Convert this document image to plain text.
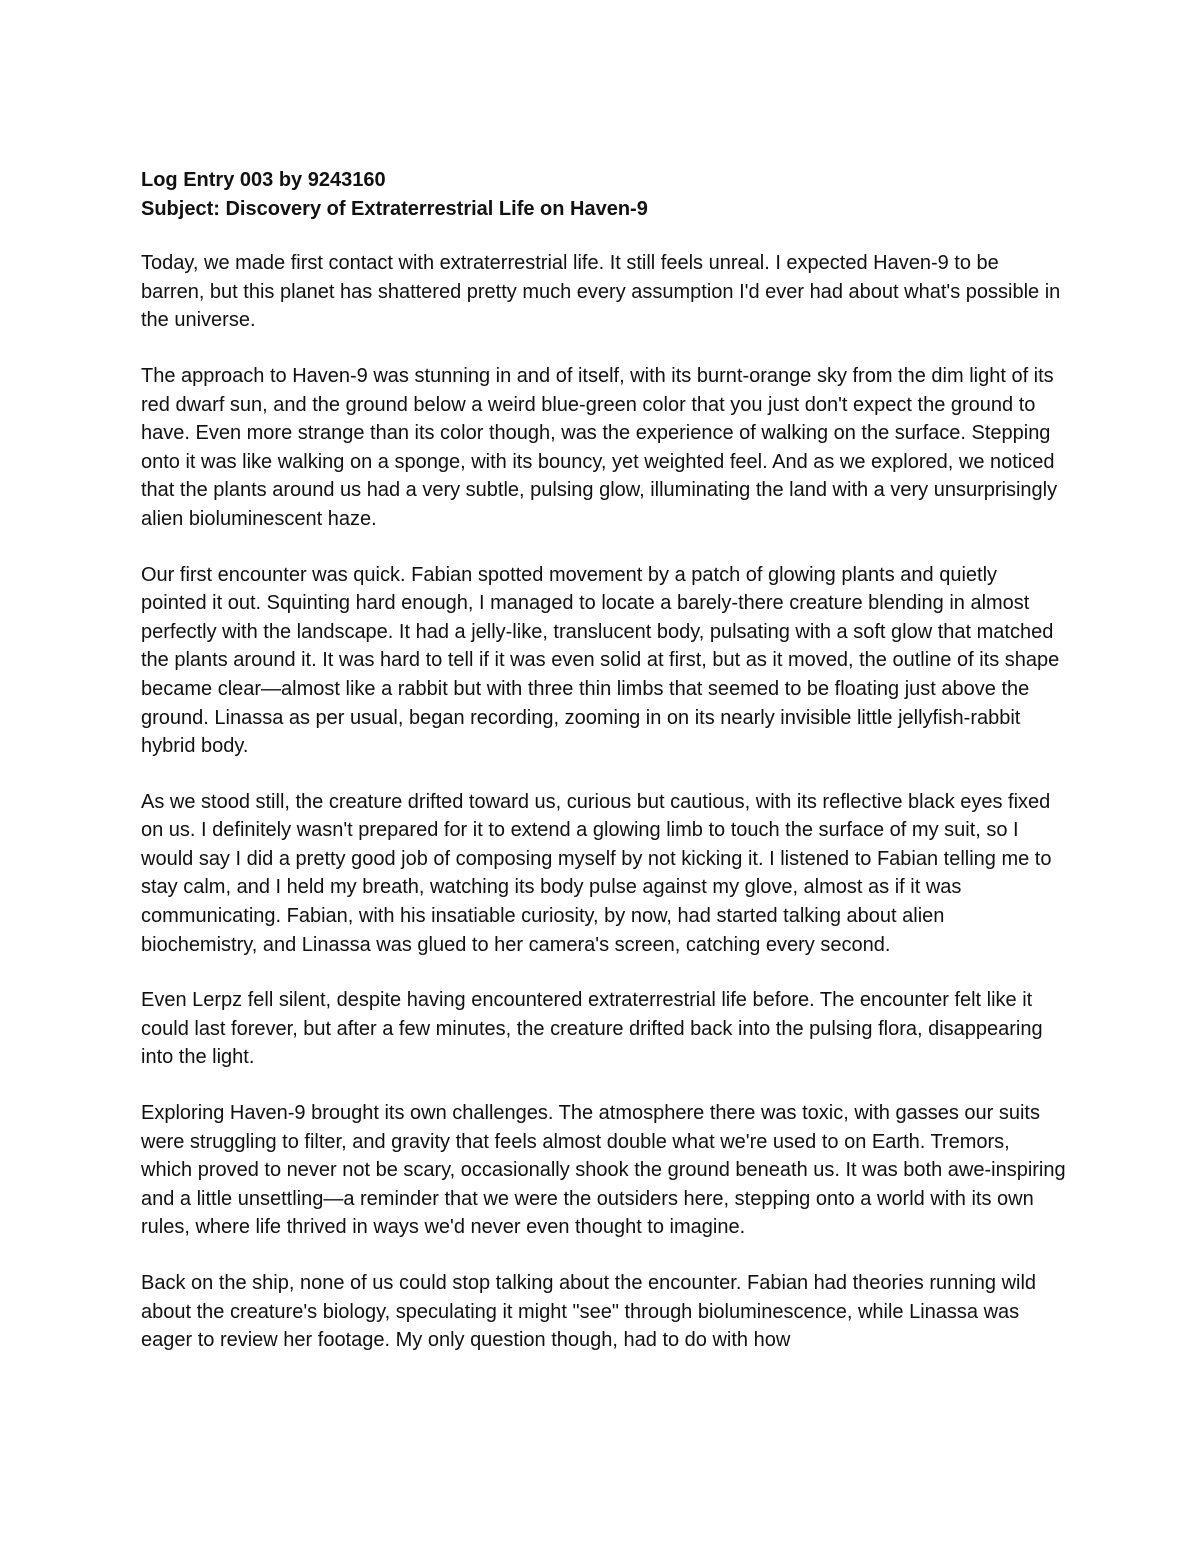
Log Entry 003 by 9243160

Subject: Discovery of Extraterrestrial Life on Haven-9

Today, we made first contact with extraterrestrial life. It still feels unreal. I expected Haven-9 to be barren, but this planet has shattered pretty much every assumption I'd ever had about what's possible in the universe.

The approach to Haven-9 was stunning in and of itself, with its burnt-orange sky from the dim light of its red dwarf sun, and the ground below a weird blue-green color that you just don't expect the ground to have. Even more strange than its color though, was the experience of walking on the surface. Stepping onto it was like walking on a sponge, with its bouncy, yet weighted feel. And as we explored, we noticed that the plants around us had a very subtle, pulsing glow, illuminating the land with a very unsurprisingly alien bioluminescent haze.

Our first encounter was quick. Fabian spotted movement by a patch of glowing plants and quietly pointed it out. Squinting hard enough, I managed to locate a barely-there creature blending in almost perfectly with the landscape. It had a jelly-like, translucent body, pulsating with a soft glow that matched the plants around it. It was hard to tell if it was even solid at first, but as it moved, the outline of its shape became clear—almost like a rabbit but with three thin limbs that seemed to be floating just above the ground. Linassa as per usual, began recording, zooming in on its nearly invisible little jellyfish-rabbit hybrid body.

As we stood still, the creature drifted toward us, curious but cautious, with its reflective black eyes fixed on us. I definitely wasn't prepared for it to extend a glowing limb to touch the surface of my suit, so I would say I did a pretty good job of composing myself by not kicking it. I listened to Fabian telling me to stay calm, and I held my breath, watching its body pulse against my glove, almost as if it was communicating. Fabian, with his insatiable curiosity, by now, had started talking about alien biochemistry, and Linassa was glued to her camera's screen, catching every second.

Even Lerpz fell silent, despite having encountered extraterrestrial life before. The encounter felt like it could last forever, but after a few minutes, the creature drifted back into the pulsing flora, disappearing into the light.

Exploring Haven-9 brought its own challenges. The atmosphere there was toxic, with gasses our suits were struggling to filter, and gravity that feels almost double what we're used to on Earth. Tremors, which proved to never not be scary, occasionally shook the ground beneath us. It was both awe-inspiring and a little unsettling—a reminder that we were the outsiders here, stepping onto a world with its own rules, where life thrived in ways we'd never even thought to imagine.

Back on the ship, none of us could stop talking about the encounter. Fabian had theories running wild about the creature's biology, speculating it might "see" through bioluminescence, while Linassa was eager to review her footage. My only question though, had to do with how
